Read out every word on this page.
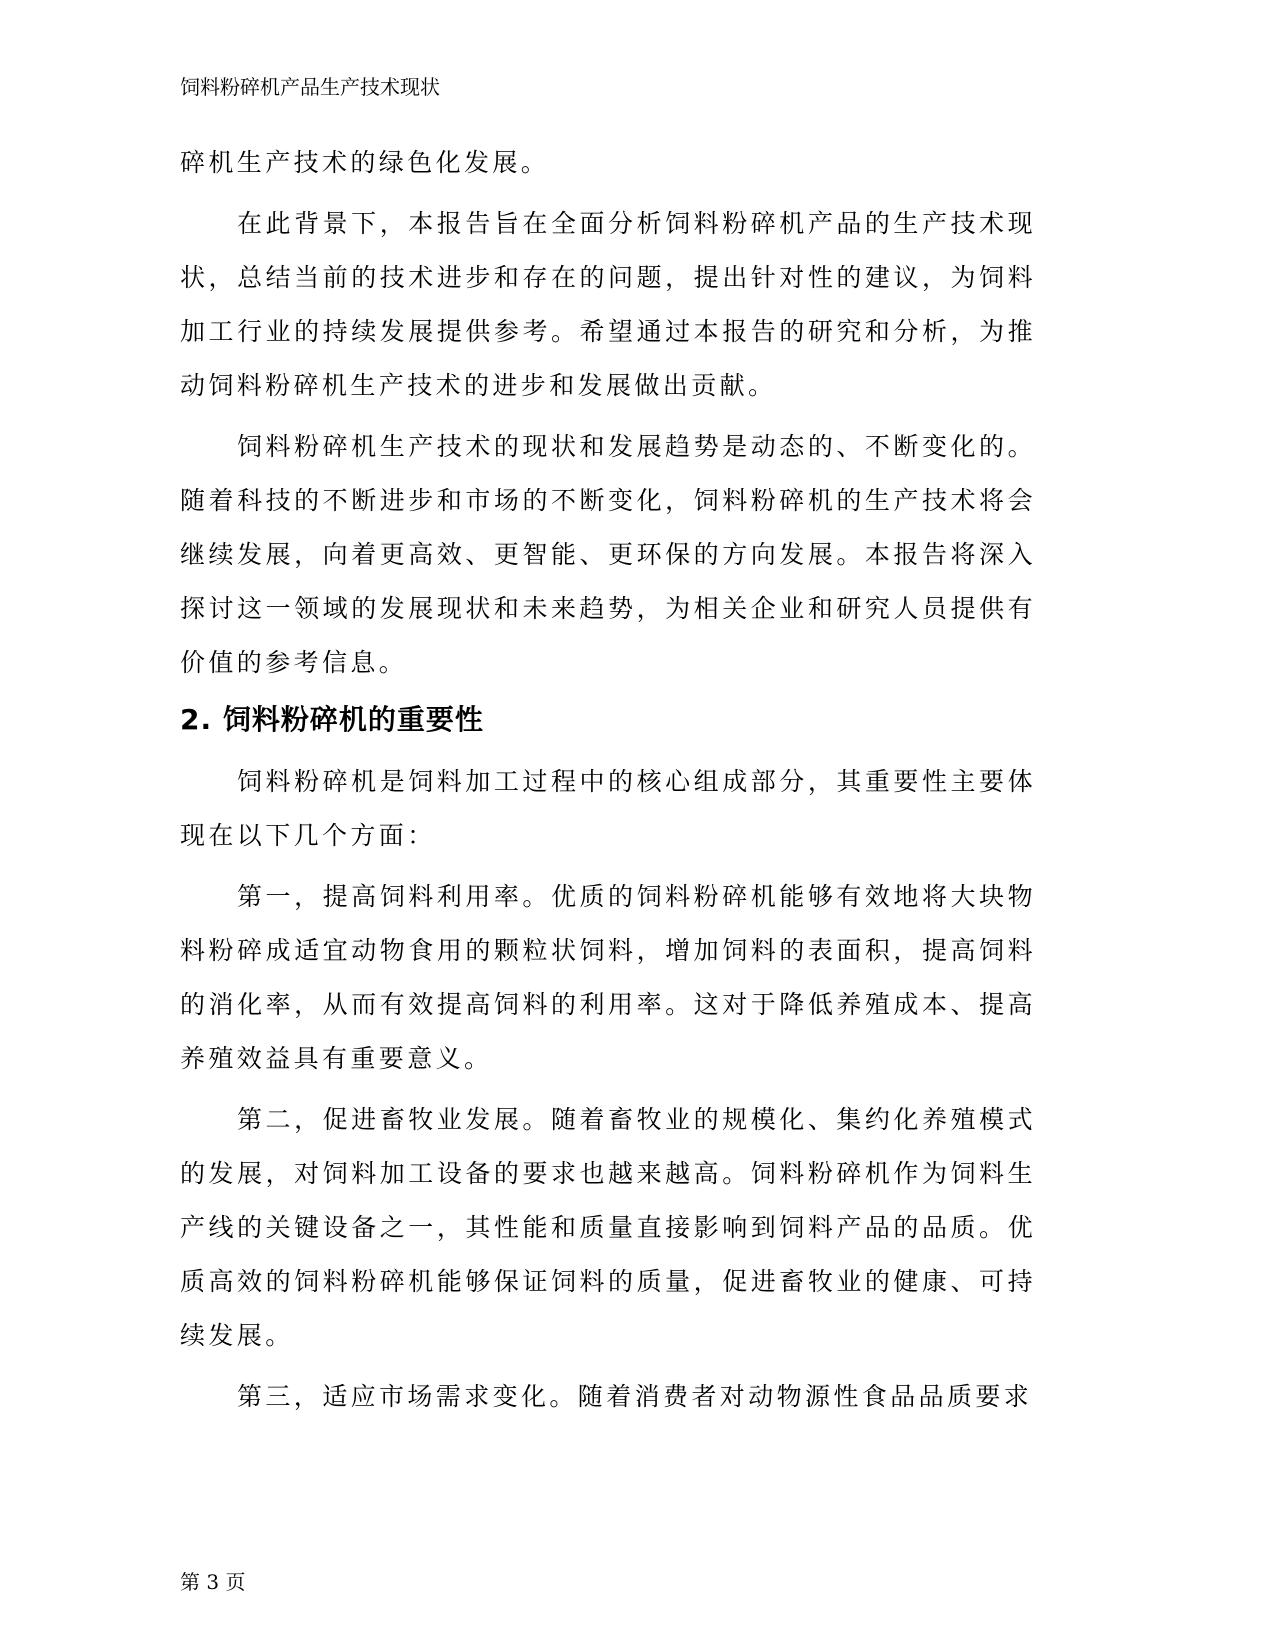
饲料粉碎机产品生产技术现状

碎机生产技术的绿色化发展。

在此背景下，本报告旨在全面分析饲料粉碎机产品的生产技术现状，总结当前的技术进步和存在的问题，提出针对性的建议，为饲料加工行业的持续发展提供参考。希望通过本报告的研究和分析，为推动饲料粉碎机生产技术的进步和发展做出贡献。

饲料粉碎机生产技术的现状和发展趋势是动态的、不断变化的。随着科技的不断进步和市场的不断变化，饲料粉碎机的生产技术将会继续发展，向着更高效、更智能、更环保的方向发展。本报告将深入探讨这一领域的发展现状和未来趋势，为相关企业和研究人员提供有价值的参考信息。

2. 饲料粉碎机的重要性

饲料粉碎机是饲料加工过程中的核心组成部分，其重要性主要体现在以下几个方面：

第一，提高饲料利用率。优质的饲料粉碎机能够有效地将大块物料粉碎成适宜动物食用的颗粒状饲料，增加饲料的表面积，提高饲料的消化率，从而有效提高饲料的利用率。这对于降低养殖成本、提高养殖效益具有重要意义。

第二，促进畜牧业发展。随着畜牧业的规模化、集约化养殖模式的发展，对饲料加工设备的要求也越来越高。饲料粉碎机作为饲料生产线的关键设备之一，其性能和质量直接影响到饲料产品的品质。优质高效的饲料粉碎机能够保证饲料的质量，促进畜牧业的健康、可持续发展。

第三，适应市场需求变化。随着消费者对动物源性食品品质要求

第 3 页
